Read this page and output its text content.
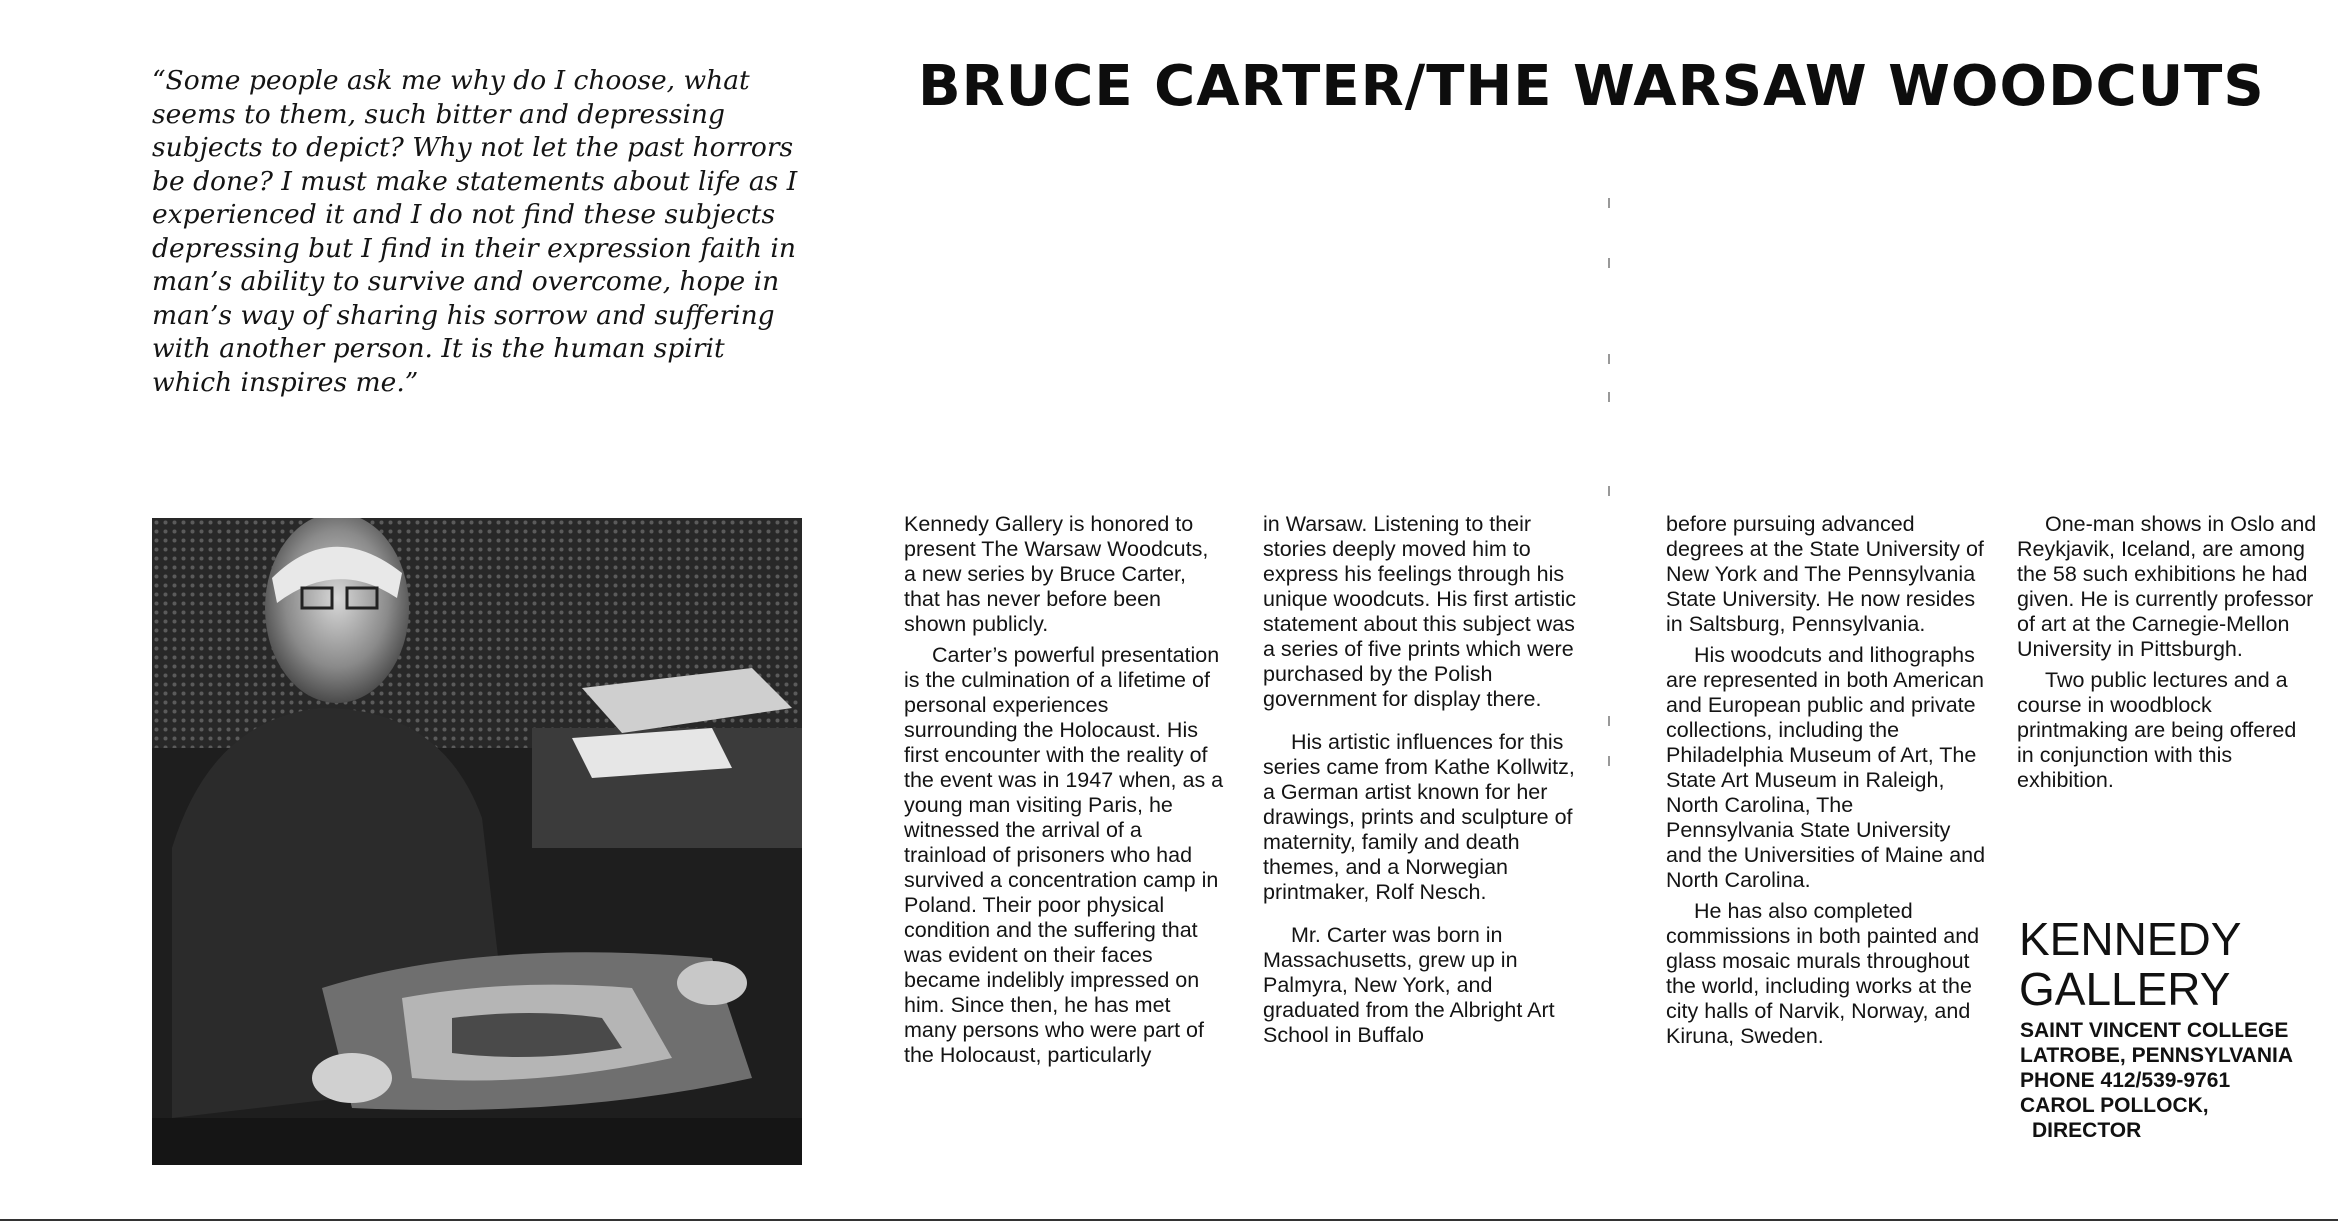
“Some people ask me why do I choose, what seems to them, such bitter and depressing subjects to depict? Why not let the past horrors be done? I must make statements about life as I experienced it and I do not find these subjects depressing but I find in their expression faith in man’s ability to survive and overcome, hope in man’s way of sharing his sorrow and suffering with another person. It is the human spirit which inspires me.”

BRUCE CARTER/THE WARSAW WOODCUTS

Kennedy Gallery is honored to present The Warsaw Woodcuts, a new series by Bruce Carter, that has never before been shown publicly.

Carter’s powerful presentation is the culmination of a lifetime of personal experiences surrounding the Holocaust. His first encounter with the reality of the event was in 1947 when, as a young man visiting Paris, he witnessed the arrival of a trainload of prisoners who had survived a concentration camp in Poland. Their poor physical condition and the suffering that was evident on their faces became indelibly impressed on him. Since then, he has met many persons who were part of the Holocaust, particularly

in Warsaw. Listening to their stories deeply moved him to express his feelings through his unique woodcuts. His first artistic statement about this subject was a series of five prints which were purchased by the Polish government for display there.

His artistic influences for this series came from Kathe Kollwitz, a German artist known for her drawings, prints and sculpture of maternity, family and death themes, and a Norwegian printmaker, Rolf Nesch.

Mr. Carter was born in Massachusetts, grew up in Palmyra, New York, and graduated from the Albright Art School in Buffalo

before pursuing advanced degrees at the State University of New York and The Pennsylvania State University. He now resides in Saltsburg, Pennsylvania.

His woodcuts and lithographs are represented in both American and European public and private collections, including the Philadelphia Museum of Art, The State Art Museum in Raleigh, North Carolina, The Pennsylvania State University and the Universities of Maine and North Carolina.

He has also completed commissions in both painted and glass mosaic murals throughout the world, including works at the city halls of Narvik, Norway, and Kiruna, Sweden.

One-man shows in Oslo and Reykjavik, Iceland, are among the 58 such exhibitions he had given. He is currently professor of art at the Carnegie-Mellon University in Pittsburgh.

Two public lectures and a course in woodblock printmaking are being offered in conjunction with this exhibition.

KENNEDY
GALLERY
SAINT VINCENT COLLEGE
LATROBE, PENNSYLVANIA
PHONE 412/539-9761
CAROL POLLOCK,
DIRECTOR
